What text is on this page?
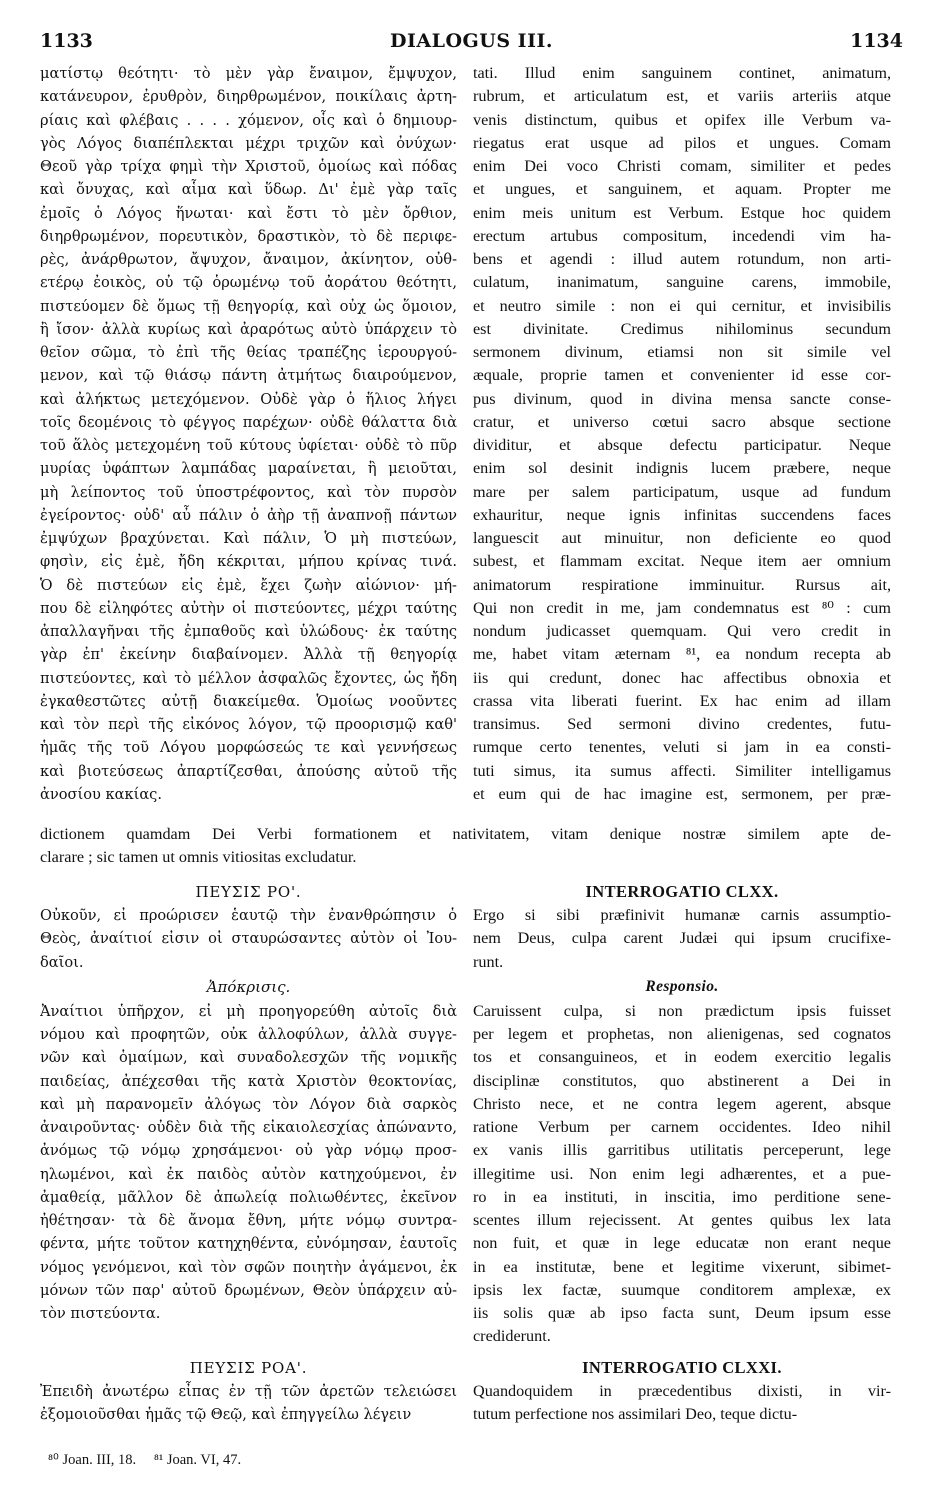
1133	DIALOGUS III.	1134
ματίστῳ θεότητι· τὸ μὲν γὰρ ἔναιμον, ἔμψυχον,
κατάνευρον, ἐρυθρὸν, διηρθρωμένον, ποικίλαις ἀρτη-
ρίαις καὶ φλέβαις . . . . χόμενον, οἷς καὶ ὁ δημιουρ-
γὸς Λόγος διαπέπλεκται μέχρι τριχῶν καὶ ὀνύχων·
Θεοῦ γὰρ τρίχα φημὶ τὴν Χριστοῦ, ὁμοίως καὶ πόδας
καὶ ὄνυχας, καὶ αἷμα καὶ ὕδωρ. Δι' ἐμὲ γὰρ ταῖς
ἐμοῖς ὁ Λόγος ἥνωται· καὶ ἔστι τὸ μὲν ὄρθιον,
διηρθρωμένον, πορευτικὸν, δραστικὸν, τὸ δὲ περιφε-
ρὲς, ἀνάρθρωτον, ἄψυχον, ἄναιμον, ἀκίνητον, οὐθ-
ετέρῳ ἐοικὸς, οὐ τῷ ὁρωμένῳ τοῦ ἀοράτου θεότητι,
πιστεύομεν δὲ ὅμως τῇ θεηγορίᾳ, καὶ οὐχ ὡς ὅμοιον,
ἢ ἴσον· ἀλλὰ κυρίως καὶ ἀραρότως αὐτὸ ὑπάρχειν τὸ
θεῖον σῶμα, τὸ ἐπὶ τῆς θείας τραπέζης ἱερουργού-
μενον, καὶ τῷ θιάσῳ πάντη ἀτμήτως διαιρούμενον,
καὶ ἀλήκτως μετεχόμενον. Οὐδὲ γὰρ ὁ ἥλιος λήγει
τοῖς δεομένοις τὸ φέγγος παρέχων· οὐδὲ θάλαττα διὰ
τοῦ ἅλὸς μετεχομένη τοῦ κύτους ὑφίεται· οὐδὲ τὸ πῦρ
μυρίας ὑφάπτων λαμπάδας μαραίνεται, ἢ μειοῦται,
μὴ λείποντος τοῦ ὑποστρέφοντος, καὶ τὸν πυρσὸν
ἐγείροντος· οὐδ' αὖ πάλιν ὁ ἀὴρ τῇ ἀναπνοῇ πάντων
ἐμψύχων βραχύνεται. Καὶ πάλιν, Ὁ μὴ πιστεύων,
φησὶν, εἰς ἐμὲ, ἤδη κέκριται, μήπου κρίνας τινά.
Ὁ δὲ πιστεύων εἰς ἐμὲ, ἔχει ζωὴν αἰώνιον· μή-
που δὲ εἰληφότες αὐτὴν οἱ πιστεύοντες, μέχρι ταύτης
ἀπαλλαγῆναι τῆς ἐμπαθοῦς καὶ ὑλώδους· ἐκ ταύτης
γὰρ ἐπ' ἐκείνην διαβαίνομεν. Ἀλλὰ τῇ θεηγορίᾳ
πιστεύοντες, καὶ τὸ μέλλον ἀσφαλῶς ἔχοντες, ὡς ἤδη
ἐγκαθεστῶτες αὐτῇ διακείμεθα. Ὁμοίως νοοῦντες
καὶ τὸν περὶ τῆς εἰκόνος λόγον, τῷ προορισμῷ καθ'
ἡμᾶς τῆς τοῦ Λόγου μορφώσεώς τε καὶ γεννήσεως
καὶ βιοτεύσεως ἀπαρτίζεσθαι, ἀπούσης αὐτοῦ τῆς
ἀνοσίου κακίας.
tati. Illud enim sanguinem continet, animatum,
rubrum, et articulatum est, et variis arteriis atque
venis distinctum, quibus et opifex ille Verbum va-
riegatus erat usque ad pilos et ungues. Comam
enim Dei voco Christi comam, similiter et pedes
et ungues, et sanguinem, et aquam. Propter me
enim meis unitum est Verbum. Estque hoc quidem
erectum artubus compositum, incedendi vim ha-
bens et agendi : illud autem rotundum, non arti-
culatum, inanimatum, sanguine carens, immobile,
et neutro simile : non ei qui cernitur, et invisibilis
est divinitate. Credimus nihilominus secundum
sermonem divinum, etiamsi non sit simile vel
æquale, proprie tamen et convenienter id esse cor-
pus divinum, quod in divina mensa sancte conse-
cratur, et universo cœtui sacro absque sectione
dividitur, et absque defectu participatur. Neque
enim sol desinit indignis lucem præbere, neque
mare per salem participatum, usque ad fundum
exhauritur, neque ignis infinitas succendens faces
languescit aut minuitur, non deficiente eo quod
subest, et flammam excitat. Neque item aer omnium
animatorum respiratione imminuitur. Rursus ait,
Qui non credit in me, jam condemnatus est ⁸⁰ : cum
nondum judicasset quemquam. Qui vero credit in
me, habet vitam æternam ⁸¹, ea nondum recepta ab
iis qui credunt, donec hac affectibus obnoxia et
crassa vita liberati fuerint. Ex hac enim ad illam
transimus. Sed sermoni divino credentes, futu-
rumque certo tenentes, veluti si jam in ea consti-
tuti simus, ita sumus affecti. Similiter intelligamus
et eum qui de hac imagine est, sermonem, per præ-
dictionem quamdam Dei Verbi formationem et nativitatem, vitam denique nostræ similem apte de-
clarare ; sic tamen ut omnis vitiositas excludatur.
ΠΕΥΣΙΣ ΡΟ'.
Οὐκοῦν, εἰ προώρισεν ἑαυτῷ τὴν ἐνανθρώπησιν ὁ
Θεὸς, ἀναίτιοί εἰσιν οἱ σταυρώσαντες αὐτὸν οἱ Ἰου-
δαῖοι.
Ἀπόκρισις.
Ἀναίτιοι ὑπῆρχον, εἰ μὴ προηγορεύθη αὐτοῖς διὰ
νόμου καὶ προφητῶν, οὐκ ἀλλοφύλων, ἀλλὰ συγγε-
νῶν καὶ ὁμαίμων, καὶ συναδολεσχῶν τῆς νομικῆς
παιδείας, ἀπέχεσθαι τῆς κατὰ Χριστὸν θεοκτονίας,
καὶ μὴ παρανομεῖν ἀλόγως τὸν Λόγον διὰ σαρκὸς
ἀναιροῦντας· οὐδὲν διὰ τῆς εἰκαιολεσχίας ἀπώναντο,
ἀνόμως τῷ νόμῳ χρησάμενοι· οὐ γὰρ νόμῳ προσ-
ηλωμένοι, καὶ ἐκ παιδὸς αὐτὸν κατηχούμενοι, ἐν
ἀμαθείᾳ, μᾶλλον δὲ ἀπωλείᾳ πολιωθέντες, ἐκεῖνον
ἠθέτησαν· τὰ δὲ ἄνομα ἔθνη, μήτε νόμῳ συντρα-
φέντα, μήτε τοῦτον κατηχηθέντα, εὐνόμησαν, ἑαυτοῖς
νόμος γενόμενοι, καὶ τὸν σφῶν ποιητὴν ἀγάμενοι, ἐκ
μόνων τῶν παρ' αὐτοῦ δρωμένων, Θεὸν ὑπάρχειν αὐ-
τὸν πιστεύοντα.
ΠΕΥΣΙΣ ΡΟΑ'.
Ἐπειδὴ ἀνωτέρω εἶπας ἐν τῇ τῶν ἀρετῶν τελειώσει
ἐξομοιοῦσθαι ἡμᾶς τῷ Θεῷ, καὶ ἐπηγγείλω λέγειν
INTERROGATIO CLXX.
Ergo si sibi præfinivit humanæ carnis assumptio-
nem Deus, culpa carent Judæi qui ipsum crucifixe-
runt.
Responsio.
Caruissent culpa, si non prædictum ipsis fuisset
per legem et prophetas, non alienigenas, sed cognatos
tos et consanguineos, et in eodem exercitio legalis
disciplinæ constitutos, quo abstinerent a Dei in
Christo nece, et ne contra legem agerent, absque
ratione Verbum per carnem occidentes. Ideo nihil
ex vanis illis garritibus utilitatis perceperunt, lege
illegitime usi. Non enim legi adhærentes, et a pue-
ro in ea instituti, in inscitia, imo perditione sene-
scentes illum rejecissent. At gentes quibus lex lata
non fuit, et quæ in lege educatæ non erant neque
in ea institutæ, bene et legitime vixerunt, sibimet-
ipsis lex factæ, suumque conditorem amplexæ, ex
iis solis quæ ab ipso facta sunt, Deum ipsum esse
crediderunt.
INTERROGATIO CLXXI.
Quandoquidem in præcedentibus dixisti, in vir-
tutum perfectione nos assimilari Deo, teque dictu-
⁸⁰ Joan. III, 18. ⁸¹ Joan. VI, 47.
